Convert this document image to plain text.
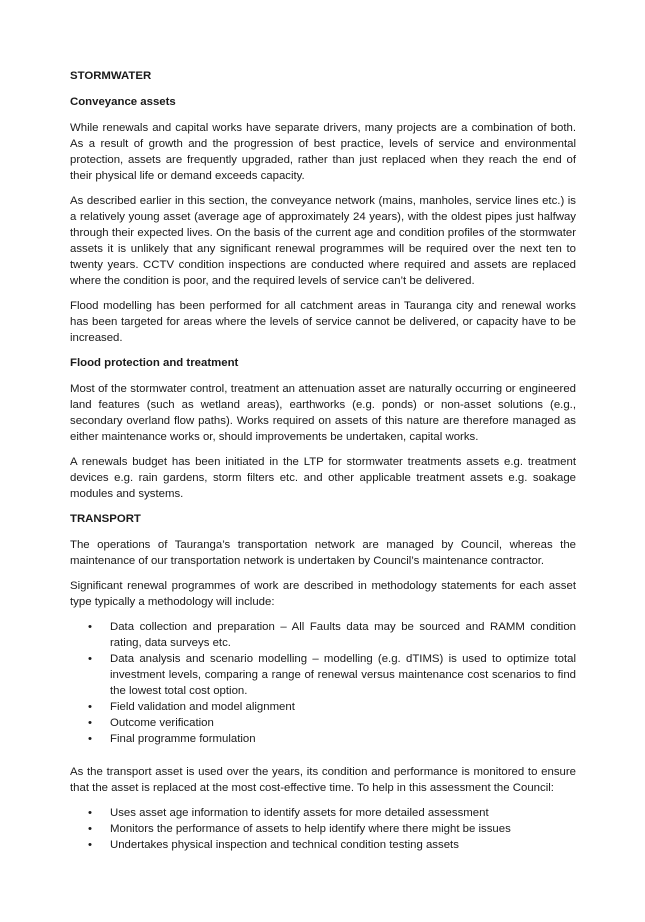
STORMWATER
Conveyance assets

While renewals and capital works have separate drivers, many projects are a combination of both. As a result of growth and the progression of best practice, levels of service and environmental protection, assets are frequently upgraded, rather than just replaced when they reach the end of their physical life or demand exceeds capacity.

As described earlier in this section, the conveyance network (mains, manholes, service lines etc.) is a relatively young asset (average age of approximately 24 years), with the oldest pipes just halfway through their expected lives. On the basis of the current age and condition profiles of the stormwater assets it is unlikely that any significant renewal programmes will be required over the next ten to twenty years. CCTV condition inspections are conducted where required and assets are replaced where the condition is poor, and the required levels of service can’t be delivered.

Flood modelling has been performed for all catchment areas in Tauranga city and renewal works has been targeted for areas where the levels of service cannot be delivered, or capacity have to be increased.

Flood protection and treatment

Most of the stormwater control, treatment an attenuation asset are naturally occurring or engineered land features (such as wetland areas), earthworks (e.g. ponds) or non-asset solutions (e.g., secondary overland flow paths). Works required on assets of this nature are therefore managed as either maintenance works or, should improvements be undertaken, capital works.

A renewals budget has been initiated in the LTP for stormwater treatments assets e.g. treatment devices e.g. rain gardens, storm filters etc. and other applicable treatment assets e.g. soakage modules and systems.

TRANSPORT

The operations of Tauranga’s transportation network are managed by Council, whereas the maintenance of our transportation network is undertaken by Council’s maintenance contractor.

Significant renewal programmes of work are described in methodology statements for each asset type typically a methodology will include:

• Data collection and preparation – All Faults data may be sourced and RAMM condition rating, data surveys etc.
• Data analysis and scenario modelling – modelling (e.g. dTIMS) is used to optimize total investment levels, comparing a range of renewal versus maintenance cost scenarios to find the lowest total cost option.
• Field validation and model alignment
• Outcome verification
• Final programme formulation

As the transport asset is used over the years, its condition and performance is monitored to ensure that the asset is replaced at the most cost-effective time. To help in this assessment the Council:

• Uses asset age information to identify assets for more detailed assessment
• Monitors the performance of assets to help identify where there might be issues
• Undertakes physical inspection and technical condition testing assets
